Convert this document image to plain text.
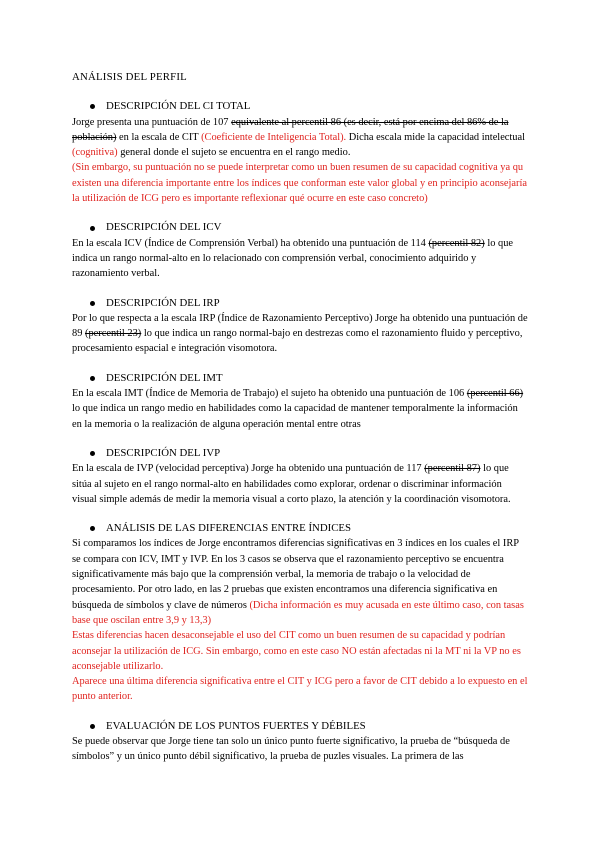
ANÁLISIS DEL PERFIL
DESCRIPCIÓN DEL CI TOTAL

Jorge presenta una puntuación de 107 equivalente al percentil 86 (es decir, está por encima del 86% de la población) en la escala de CIT (Coeficiente de Inteligencia Total). Dicha escala mide la capacidad intelectual (cognitiva) general donde el sujeto se encuentra en el rango medio.

(Sin embargo, su puntuación no se puede interpretar como un buen resumen de su capacidad cognitiva ya qu existen una diferencia importante entre los índices que conforman este valor global y en principio aconsejaría la utilización de ICG pero es importante reflexionar qué ocurre en este caso concreto)

DESCRIPCIÓN DEL ICV

En la escala ICV (Índice de Comprensión Verbal) ha obtenido una puntuación de 114 (percentil 82) lo que indica un rango normal-alto en lo relacionado con comprensión verbal, conocimiento adquirido y razonamiento verbal.

DESCRIPCIÓN DEL IRP

Por lo que respecta a la escala IRP (Índice de Razonamiento Perceptivo) Jorge ha obtenido una puntuación de 89 (percentil 23) lo que indica un rango normal-bajo en destrezas como el razonamiento fluido y perceptivo, procesamiento espacial e integración visomotora.

DESCRIPCIÓN DEL IMT

En la escala IMT (Índice de Memoria de Trabajo) el sujeto ha obtenido una puntuación de 106 (percentil 66) lo que indica un rango medio en habilidades como la capacidad de mantener temporalmente la información en la memoria o la realización de alguna operación mental entre otras

DESCRIPCIÓN DEL IVP

En la escala de IVP (velocidad perceptiva) Jorge ha obtenido una puntuación de 117 (percentil 87) lo que sitúa al sujeto en el rango normal-alto en habilidades como explorar, ordenar o discriminar información visual simple además de medir la memoria visual a corto plazo, la atención y la coordinación visomotora.

ANÁLISIS DE LAS DIFERENCIAS ENTRE ÍNDICES

Si comparamos los índices de Jorge encontramos diferencias significativas en 3 índices en los cuales el IRP se compara con ICV, IMT y IVP. En los 3 casos se observa que el razonamiento perceptivo se encuentra significativamente más bajo que la comprensión verbal, la memoria de trabajo o la velocidad de procesamiento. Por otro lado, en las 2 pruebas que existen encontramos una diferencia significativa en búsqueda de símbolos y clave de números (Dicha información es muy acusada en este último caso, con tasas base que oscilan entre 3,9 y 13,3)

Estas diferencias hacen desaconsejable el uso del CIT como un buen resumen de su capacidad y podrían aconsejar la utilización de ICG. Sin embargo, como en este caso NO están afectadas ni la MT ni la VP no es aconsejable utilizarlo.

Aparece una última diferencia significativa entre el CIT y ICG pero a favor de CIT debido a lo expuesto en el punto anterior.

EVALUACIÓN DE LOS PUNTOS FUERTES Y DÉBILES

Se puede observar que Jorge tiene tan solo un único punto fuerte significativo, la prueba de “búsqueda de símbolos” y un único punto débil significativo, la prueba de puzles visuales. La primera de las
